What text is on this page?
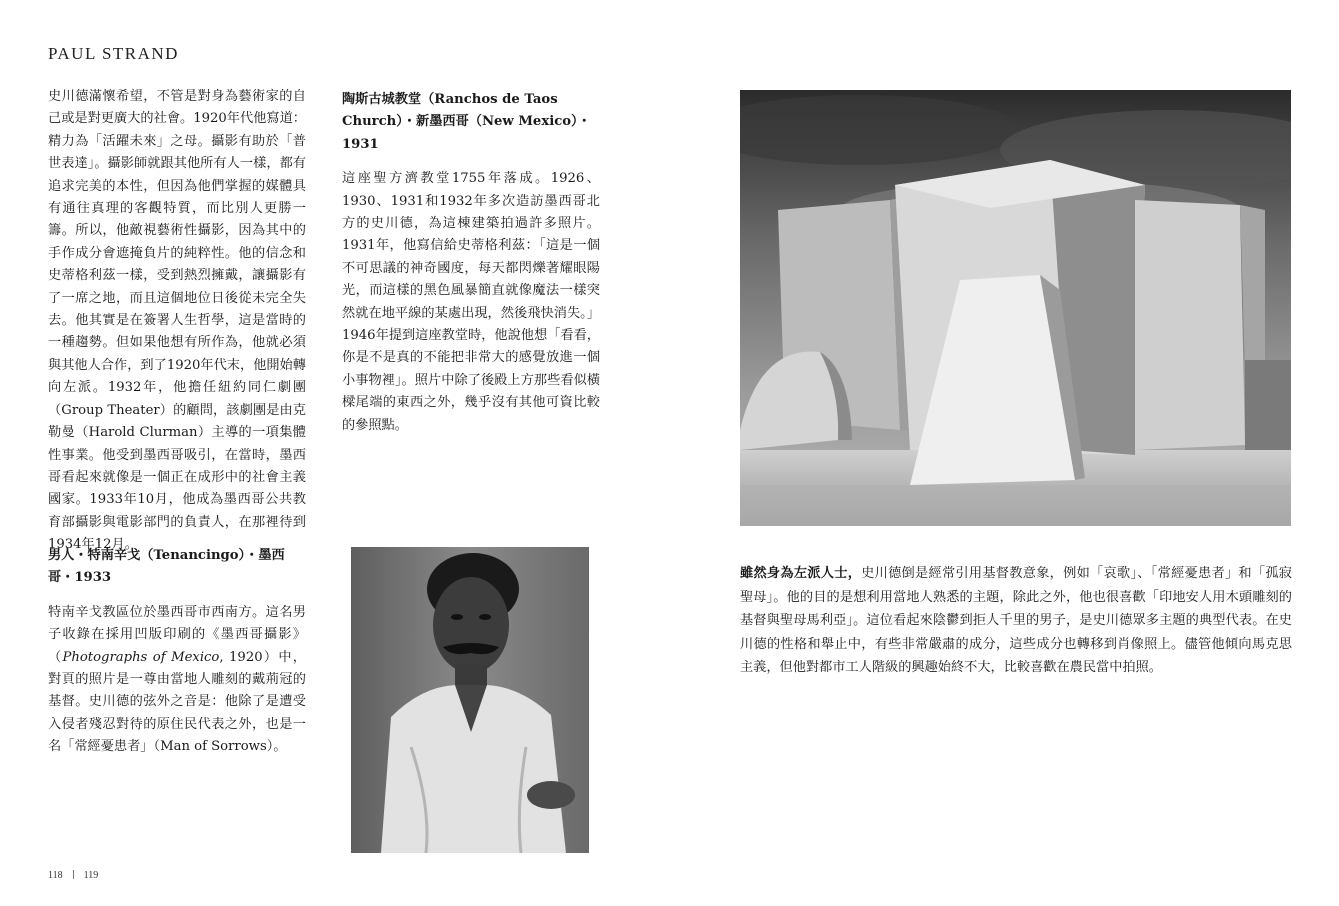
PAUL STRAND

史川德滿懷希望，不管是對身為藝術家的自己或是對更廣大的社會。1920年代他寫道：精力為「活躍未來」之母。攝影有助於「普世表達」。攝影師就跟其他所有人一樣，都有追求完美的本性，但因為他們掌握的媒體具有通往真理的客觀特質，而比別人更勝一籌。所以，他敵視藝術性攝影，因為其中的手作成分會遮掩負片的純粹性。他的信念和史蒂格利茲一樣，受到熱烈擁戴，讓攝影有了一席之地，而且這個地位日後從未完全失去。他其實是在簽署人生哲學，這是當時的一種趨勢。但如果他想有所作為，他就必須與其他人合作，到了1920年代末，他開始轉向左派。1932年，他擔任紐約同仁劇團（Group Theater）的顧問，該劇團是由克勒曼（Harold Clurman）主導的一項集體性事業。他受到墨西哥吸引，在當時，墨西哥看起來就像是一個正在成形中的社會主義國家。1933年10月，他成為墨西哥公共教育部攝影與電影部門的負責人，在那裡待到1934年12月。

男人・特南辛戈（Tenancingo）・墨西哥・1933

特南辛戈教區位於墨西哥市西南方。這名男子收錄在採用凹版印刷的《墨西哥攝影》（Photographs of Mexico, 1920）中，對頁的照片是一尊由當地人雕刻的戴荊冠的基督。史川德的弦外之音是：他除了是遭受入侵者殘忍對待的原住民代表之外，也是一名「常經憂患者」（Man of Sorrows）。

陶斯古城教堂（Ranchos de Taos Church）・新墨西哥（New Mexico）・1931

這座聖方濟教堂1755年落成。1926、1930、1931和1932年多次造訪墨西哥北方的史川德，為這棟建築拍過許多照片。1931年，他寫信給史蒂格利茲：「這是一個不可思議的神奇國度，每天都閃爍著耀眼陽光，而這樣的黑色風暴簡直就像魔法一樣突然就在地平線的某處出現，然後飛快消失。」1946年提到這座教堂時，他說他想「看看，你是不是真的不能把非常大的感覺放進一個小事物裡」。照片中除了後殿上方那些看似橫樑尾端的東西之外，幾乎沒有其他可資比較的參照點。

雖然身為左派人士，史川德倒是經常引用基督教意象，例如「哀歌」、「常經憂患者」和「孤寂聖母」。他的目的是想利用當地人熟悉的主題，除此之外，他也很喜歡「印地安人用木頭雕刻的基督與聖母馬利亞」。這位看起來陰鬱到拒人千里的男子，是史川德眾多主題的典型代表。在史川德的性格和舉止中，有些非常嚴肅的成分，這些成分也轉移到肖像照上。儘管他傾向馬克思主義，但他對都市工人階級的興趣始終不大，比較喜歡在農民當中拍照。

118 119
